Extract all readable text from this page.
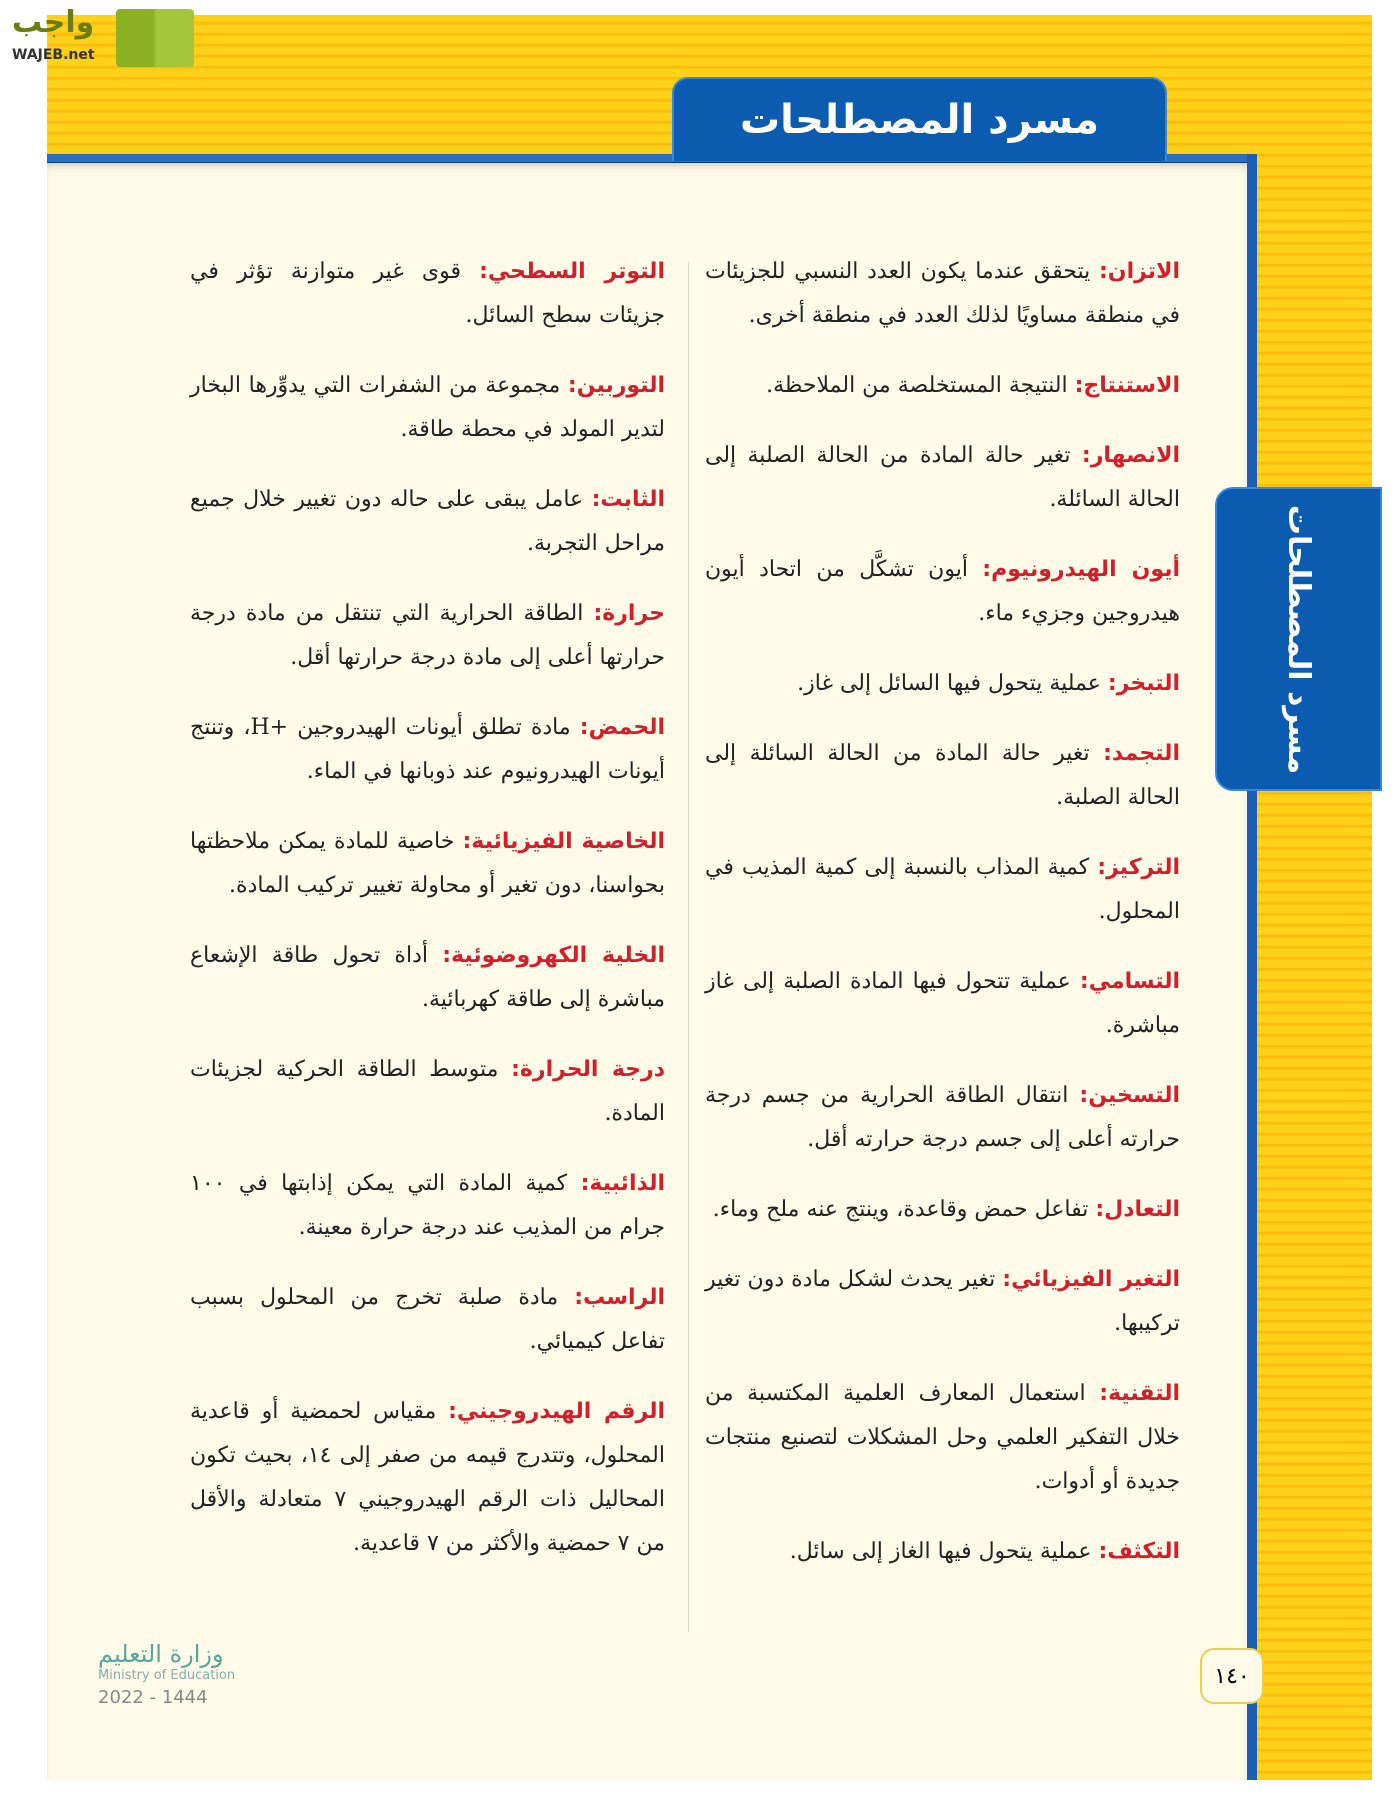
واجب
WAJEB.net
مسرد المصطلحات
مسرد المصطلحات
الاتزان: يتحقق عندما يكون العدد النسبي للجزيئات في منطقة مساويًا لذلك العدد في منطقة أخرى.
الاستنتاج: النتيجة المستخلصة من الملاحظة.
الانصهار: تغير حالة المادة من الحالة الصلبة إلى الحالة السائلة.
أيون الهيدرونيوم: أيون تشكَّل من اتحاد أيون هيدروجين وجزيء ماء.
التبخر: عملية يتحول فيها السائل إلى غاز.
التجمد: تغير حالة المادة من الحالة السائلة إلى الحالة الصلبة.
التركيز: كمية المذاب بالنسبة إلى كمية المذيب في المحلول.
التسامي: عملية تتحول فيها المادة الصلبة إلى غاز مباشرة.
التسخين: انتقال الطاقة الحرارية من جسم درجة حرارته أعلى إلى جسم درجة حرارته أقل.
التعادل: تفاعل حمض وقاعدة، وينتج عنه ملح وماء.
التغير الفيزيائي: تغير يحدث لشكل مادة دون تغير تركيبها.
التقنية: استعمال المعارف العلمية المكتسبة من خلال التفكير العلمي وحل المشكلات لتصنيع منتجات جديدة أو أدوات.
التكثف: عملية يتحول فيها الغاز إلى سائل.
التوتر السطحي: قوى غير متوازنة تؤثر في جزيئات سطح السائل.
التوربين: مجموعة من الشفرات التي يدوِّرها البخار لتدير المولد في محطة طاقة.
الثابت: عامل يبقى على حاله دون تغيير خلال جميع مراحل التجربة.
حرارة: الطاقة الحرارية التي تنتقل من مادة درجة حرارتها أعلى إلى مادة درجة حرارتها أقل.
الحمض: مادة تطلق أيونات الهيدروجين +H، وتنتج أيونات الهيدرونيوم عند ذوبانها في الماء.
الخاصية الفيزيائية: خاصية للمادة يمكن ملاحظتها بحواسنا، دون تغير أو محاولة تغيير تركيب المادة.
الخلية الكهروضوئية: أداة تحول طاقة الإشعاع مباشرة إلى طاقة كهربائية.
درجة الحرارة: متوسط الطاقة الحركية لجزيئات المادة.
الذائبية: كمية المادة التي يمكن إذابتها في ١٠٠ جرام من المذيب عند درجة حرارة معينة.
الراسب: مادة صلبة تخرج من المحلول بسبب تفاعل كيميائي.
الرقم الهيدروجيني: مقياس لحمضية أو قاعدية المحلول، وتتدرج قيمه من صفر إلى ١٤، بحيث تكون المحاليل ذات الرقم الهيدروجيني ٧ متعادلة والأقل من ٧ حمضية والأكثر من ٧ قاعدية.
وزارة التعليم
Ministry of Education
2022 - 1444
١٤٠
